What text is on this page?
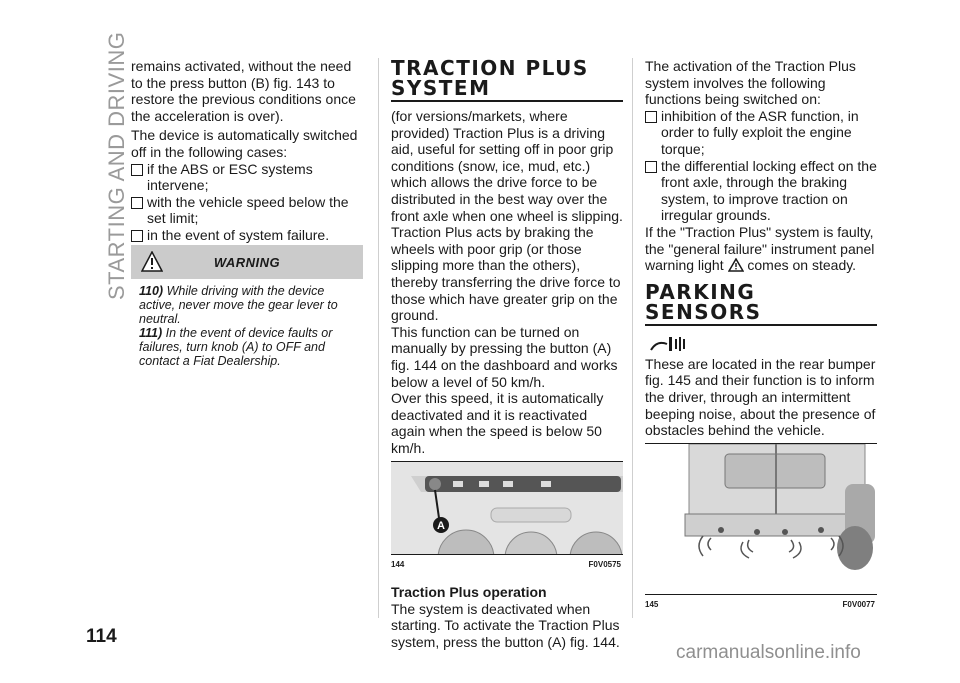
STARTING AND DRIVING
114

remains activated, without the need to the press button (B) fig. 143 to restore the previous conditions once the acceleration is over).

The device is automatically switched off in the following cases:

if the ABS or ESC systems intervene;
with the vehicle speed below the set limit;
in the event of system failure.
WARNING
110) While driving with the device active, never move the gear lever to neutral.
111) In the event of device faults or failures, turn knob (A) to OFF and contact a Fiat Dealership.
TRACTION PLUS SYSTEM

(for versions/markets, where provided) Traction Plus is a driving aid, useful for setting off in poor grip conditions (snow, ice, mud, etc.) which allows the drive force to be distributed in the best way over the front axle when one wheel is slipping.

Traction Plus acts by braking the wheels with poor grip (or those slipping more than the others), thereby transferring the drive force to those which have greater grip on the ground.

This function can be turned on manually by pressing the button (A) fig. 144 on the dashboard and works below a level of 50 km/h.

Over this speed, it is automatically deactivated and it is reactivated again when the speed is below 50 km/h.

A
144	F0V0575

Traction Plus operation

The system is deactivated when starting. To activate the Traction Plus system, press the button (A) fig. 144.

The activation of the Traction Plus system involves the following functions being switched on:

inhibition of the ASR function, in order to fully exploit the engine torque;
the differential locking effect on the front axle, through the braking system, to improve traction on irregular grounds.

If the "Traction Plus" system is faulty, the "general failure" instrument panel warning light comes on steady.

PARKING SENSORS

These are located in the rear bumper fig. 145 and their function is to inform the driver, through an intermittent beeping noise, about the presence of obstacles behind the vehicle.

145	F0V0077
carmanualsonline.info
